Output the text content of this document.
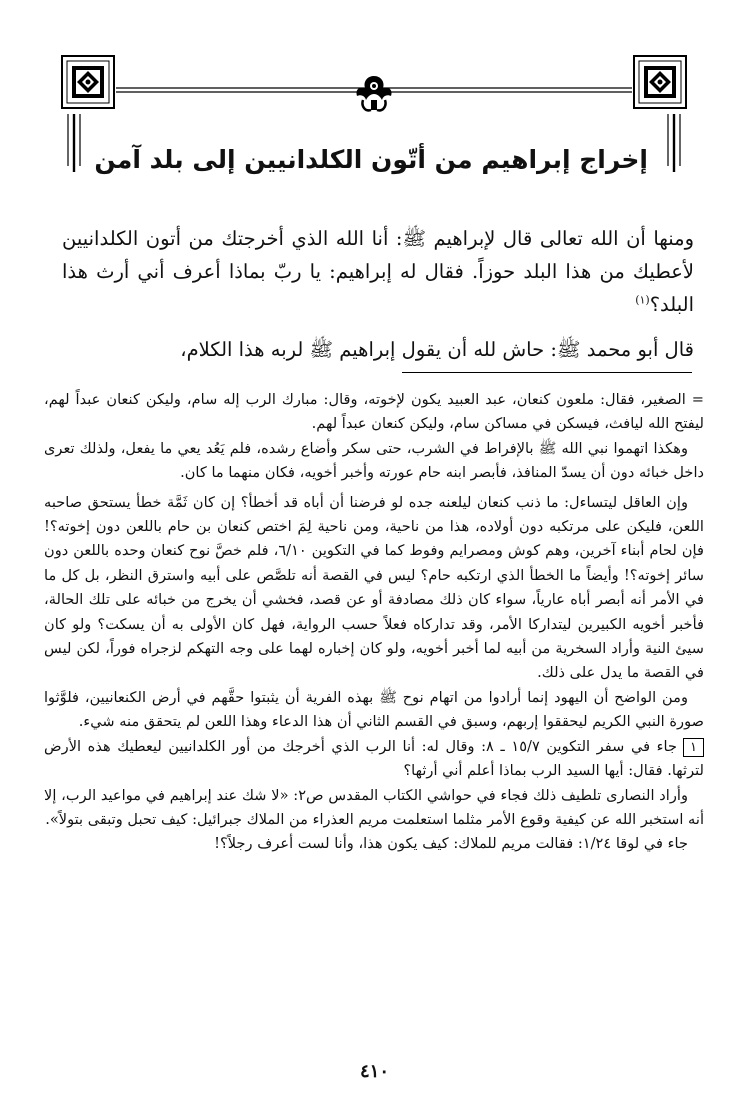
إخراج إبراهيم من أتّون الكلدانيين إلى بلد آمن

ومنها أن الله تعالى قال لإبراهيم ﷺ: أنا الله الذي أخرجتك من أتون الكلدانيين لأعطيك من هذا البلد حوزاً. فقال له إبراهيم: يا ربّ بماذا أعرف أني أرث هذا البلد؟$^{(١)}$

قال أبو محمد ﷺ: حاش لله أن يقول إبراهيم ﷺ لربه هذا الكلام،

= الصغير، فقال: ملعون كنعان، عبد العبيد يكون لإخوته، وقال: مبارك الرب إله سام، وليكن كنعان عبداً لهم، ليفتح الله ليافث، فيسكن في مساكن سام، وليكن كنعان عبداً لهم.

وهكذا اتهموا نبي الله ﷺ بالإفراط في الشرب، حتى سكر وأضاع رشده، فلم يَعُد يعي ما يفعل، ولذلك تعرى داخل خبائه دون أن يسدّ المنافذ، فأبصر ابنه حام عورته وأخبر أخويه، فكان منهما ما كان.

وإن العاقل ليتساءل: ما ذنب كنعان ليلعنه جده لو فرضنا أن أباه قد أخطأ؟ إن كان ثَمَّة خطأ يستحق صاحبه اللعن، فليكن على مرتكبه دون أولاده، هذا من ناحية، ومن ناحية لِمَ اختص كنعان بن حام باللعن دون إخوته؟! فإن لحام أبناء آخرين، وهم كوش ومصرايم وفوط كما في التكوين ٦/١٠، فلم خصَّ نوح كنعان وحده باللعن دون سائر إخوته؟! وأيضاً ما الخطأ الذي ارتكبه حام؟ ليس في القصة أنه تلصَّص على أبيه واسترق النظر، بل كل ما في الأمر أنه أبصر أباه عارياً، سواء كان ذلك مصادفة أو عن قصد، فخشي أن يخرج من خبائه على تلك الحالة، فأخبر أخويه الكبيرين ليتداركا الأمر، وقد تداركاه فعلاً حسب الرواية، فهل كان الأولى به أن يسكت؟ ولو كان سيئ النية وأراد السخرية من أبيه لما أخبر أخويه، ولو كان إخباره لهما على وجه التهكم لزجراه فوراً، لكن ليس في القصة ما يدل على ذلك.

ومن الواضح أن اليهود إنما أرادوا من اتهام نوح ﷺ بهذه الفرية أن يثبتوا حقَّهم في أرض الكنعانيين، فلوَّثوا صورة النبي الكريم ليحققوا إربهم، وسبق في القسم الثاني أن هذا الدعاء وهذا اللعن لم يتحقق منه شيء.

١جاء في سفر التكوين ١٥/٧ ـ ٨: وقال له: أنا الرب الذي أخرجك من أور الكلدانيين ليعطيك هذه الأرض لترثها. فقال: أيها السيد الرب بماذا أعلم أني أرثها؟

وأراد النصارى تلطيف ذلك فجاء في حواشي الكتاب المقدس ص٢: «لا شك عند إبراهيم في مواعيد الرب، إلا أنه استخبر الله عن كيفية وقوع الأمر مثلما استعلمت مريم العذراء من الملاك جبرائيل: كيف تحبل وتبقى بتولاً».

جاء في لوقا ١/٢٤: فقالت مريم للملاك: كيف يكون هذا، وأنا لست أعرف رجلاً؟!

٤١٠
